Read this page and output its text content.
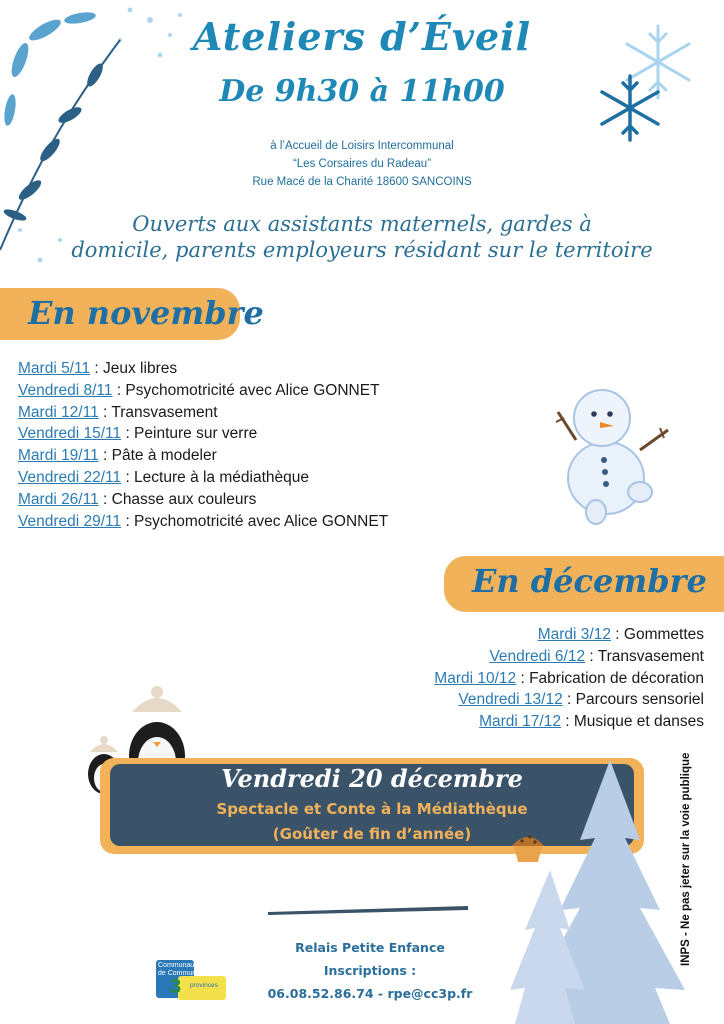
Ateliers d’Éveil
De 9h30 à 11h00
à l’Accueil de Loisirs Intercommunal
“Les Corsaires du Radeau”
Rue Macé de la Charité 18600 SANCOINS
Ouverts aux assistants maternels, gardes à
domicile, parents employeurs résidant sur le territoire
En novembre
Mardi 5/11 : Jeux libres
Vendredi 8/11 : Psychomotricité avec Alice GONNET
Mardi 12/11 : Transvasement
Vendredi 15/11 : Peinture sur verre
Mardi 19/11 : Pâte à modeler
Vendredi 22/11 : Lecture à la médiathèque
Mardi 26/11 : Chasse aux couleurs
Vendredi 29/11 : Psychomotricité avec Alice GONNET
En décembre
Mardi 3/12 : Gommettes
Vendredi 6/12 : Transvasement
Mardi 10/12 : Fabrication de décoration
Vendredi 13/12 : Parcours sensoriel
Mardi 17/12 : Musique et danses
Vendredi 20 décembre
Spectacle et Conte à la Médiathèque
(Goûter de fin d’année)
Communauté
de Communes
3 provinces
Relais Petite Enfance
Inscriptions :
06.08.52.86.74 - rpe@cc3p.fr
INPS - Ne pas jeter sur la voie publique
